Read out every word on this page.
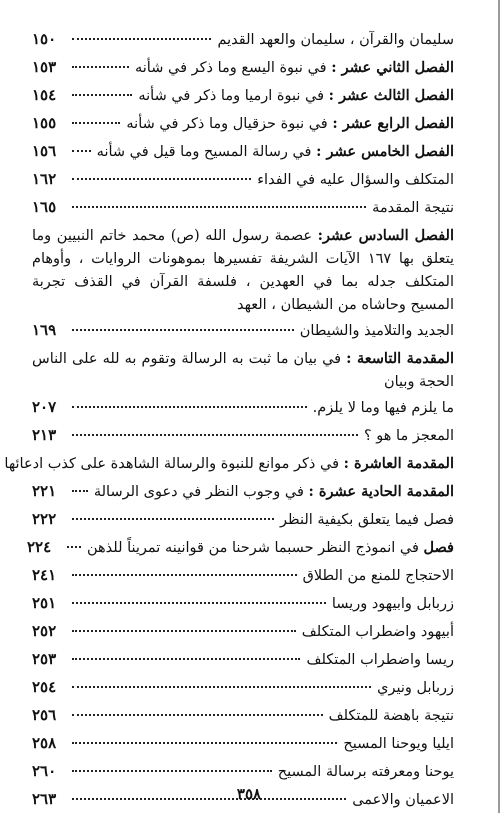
سليمان والقرآن ، سليمان والعهد القديم
١٥٠
الفصل الثاني عشر : في نبوة اليسع وما ذكر في شأنه
١٥٣
الفصل الثالث عشر : في نبوة ارميا وما ذكر في شأنه
١٥٤
الفصل الرابع عشر : في نبوة حزقيال وما ذكر في شأنه
١٥٥
الفصل الخامس عشر : في رسالة المسيح وما قيل في شأنه
١٥٦
المتكلف والسؤال عليه في الفداء
١٦٢
نتيجة المقدمة
١٦٥
الفصل السادس عشر: عصمة رسول الله (ص) محمد خاتم النبيين وما يتعلق بها ١٦٧ الآيات الشريفة تفسيرها بموهونات الروايات ، وأوهام المتكلف جدله بما في العهدين ، فلسفة القرآن في القذف تجربة المسيح وحاشاه من الشيطان ، العهد
الجديد والتلاميذ والشيطان
١٦٩
المقدمة التاسعة : في بيان ما ثبت به الرسالة وتقوم به لله على الناس الحجة وبيان
ما يلزم فيها وما لا يلزم.
٢٠٧
المعجز ما هو ؟
٢١٣
المقدمة العاشرة : في ذكر موانع للنبوة والرسالة الشاهدة على كذب ادعائها
المقدمة الحادية عشرة : في وجوب النظر في دعوى الرسالة
٢٢١
فصل فيما يتعلق بكيفية النظر
٢٢٢
فصل في انموذج النظر حسبما شرحنا من قوانينه تمريناً للذهن
٢٢٤
الاحتجاج للمنع من الطلاق
٢٤١
زربابل وابيهود وريسا
٢٥١
أبيهود واضطراب المتكلف
٢٥٢
ريسا واضطراب المتكلف
٢٥٣
زربابل ونيري
٢٥٤
نتيجة باهضة للمتكلف
٢٥٦
ايليا ويوحنا المسيح
٢٥٨
يوحنا ومعرفته برسالة المسيح
٢٦٠
الاعميان والاعمى
٢٦٣	٣٥٨
